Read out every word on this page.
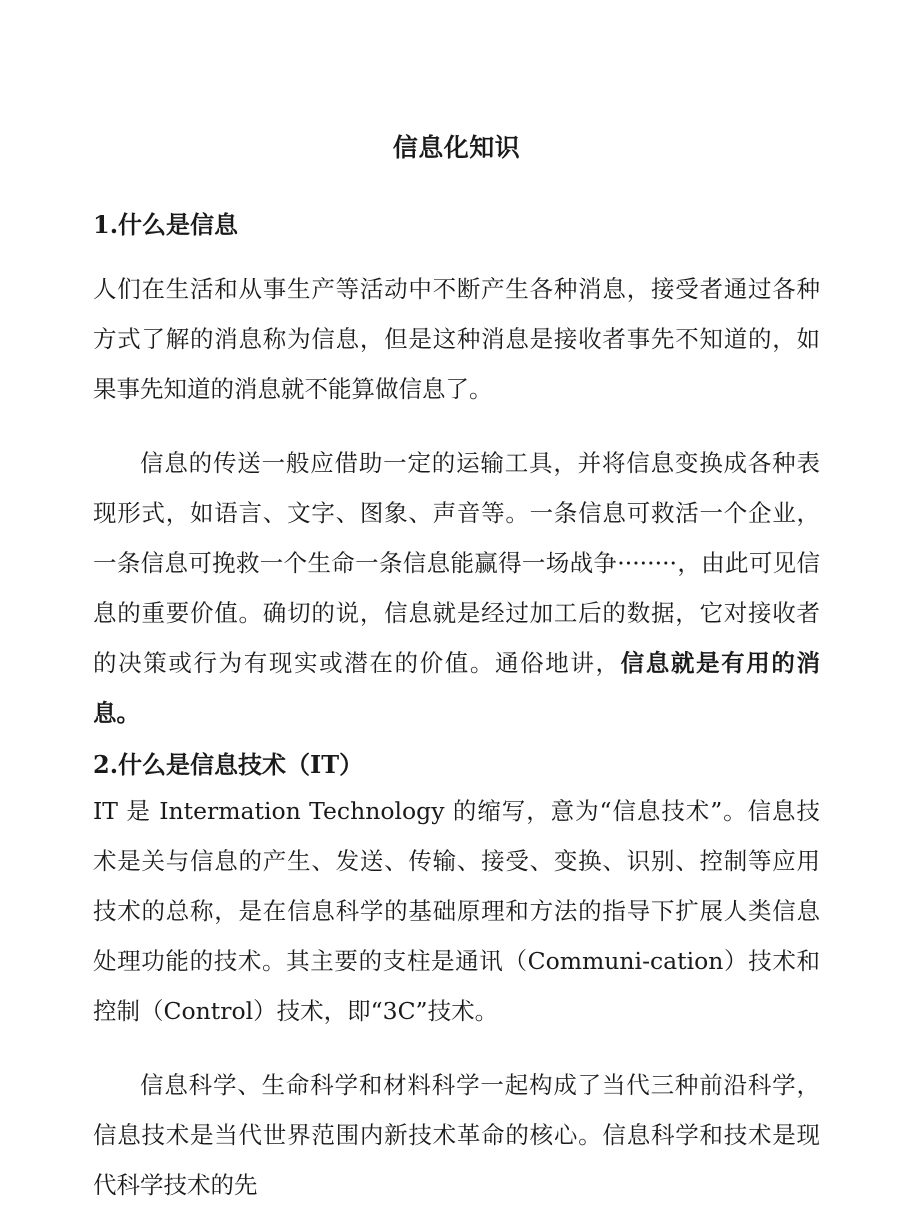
信息化知识
1.什么是信息

人们在生活和从事生产等活动中不断产生各种消息，接受者通过各种方式了解的消息称为信息，但是这种消息是接收者事先不知道的，如果事先知道的消息就不能算做信息了。

信息的传送一般应借助一定的运输工具，并将信息变换成各种表现形式，如语言、文字、图象、声音等。一条信息可救活一个企业，一条信息可挽救一个生命一条信息能赢得一场战争········，由此可见信息的重要价值。确切的说，信息就是经过加工后的数据，它对接收者的决策或行为有现实或潜在的价值。通俗地讲，信息就是有用的消息。

2.什么是信息技术（IT）

IT 是 Intermation Technology 的缩写，意为“信息技术”。信息技术是关与信息的产生、发送、传输、接受、变换、识别、控制等应用技术的总称，是在信息科学的基础原理和方法的指导下扩展人类信息处理功能的技术。其主要的支柱是通讯（Communi-cation）技术和控制（Control）技术，即“3C”技术。

信息科学、生命科学和材料科学一起构成了当代三种前沿科学，信息技术是当代世界范围内新技术革命的核心。信息科学和技术是现代科学技术的先
